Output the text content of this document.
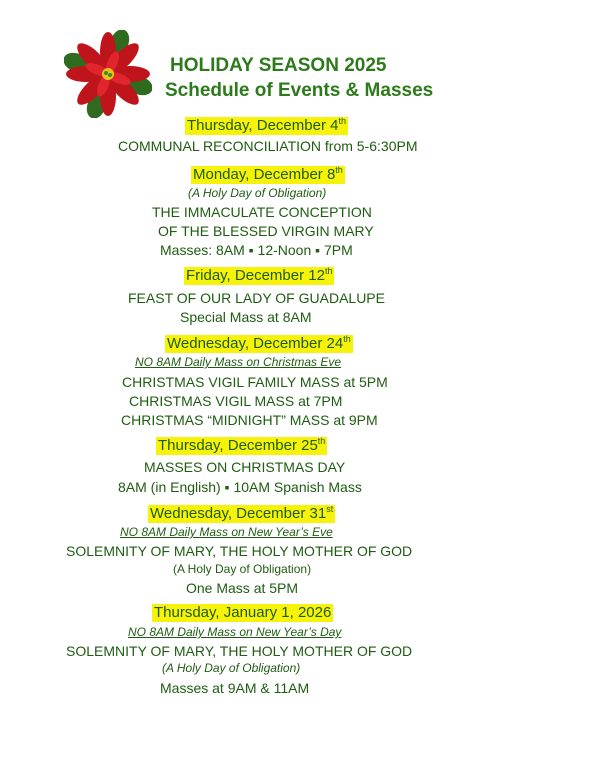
HOLIDAY SEASON 2025
Schedule of Events & Masses
Thursday, December 4th
COMMUNAL RECONCILIATION from 5-6:30PM
Monday, December 8th
(A Holy Day of Obligation)
THE IMMACULATE CONCEPTION
OF THE BLESSED VIRGIN MARY
Masses: 8AM ▪ 12-Noon ▪ 7PM
Friday, December 12th
FEAST OF OUR LADY OF GUADALUPE
Special Mass at 8AM
Wednesday, December 24th
NO 8AM Daily Mass on Christmas Eve
CHRISTMAS VIGIL FAMILY MASS at 5PM
CHRISTMAS VIGIL MASS at 7PM
CHRISTMAS “MIDNIGHT” MASS at 9PM
Thursday, December 25th
MASSES ON CHRISTMAS DAY
8AM (in English) ▪ 10AM Spanish Mass
Wednesday, December 31st
NO 8AM Daily Mass on New Year’s Eve
SOLEMNITY OF MARY, THE HOLY MOTHER OF GOD
(A Holy Day of Obligation)
One Mass at 5PM
Thursday, January 1, 2026
NO 8AM Daily Mass on New Year’s Day
SOLEMNITY OF MARY, THE HOLY MOTHER OF GOD
(A Holy Day of Obligation)
Masses at 9AM & 11AM
